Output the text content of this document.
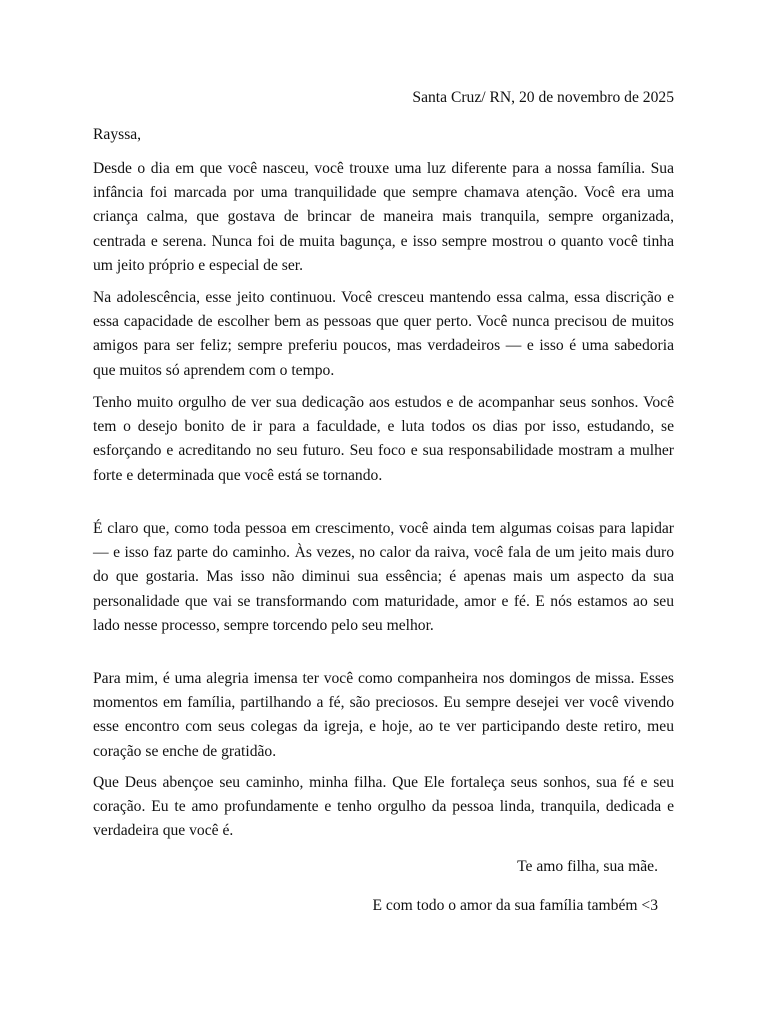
Santa Cruz/ RN, 20 de novembro de 2025
Rayssa,

Desde o dia em que você nasceu, você trouxe uma luz diferente para a nossa família. Sua infância foi marcada por uma tranquilidade que sempre chamava atenção. Você era uma criança calma, que gostava de brincar de maneira mais tranquila, sempre organizada, centrada e serena. Nunca foi de muita bagunça, e isso sempre mostrou o quanto você tinha um jeito próprio e especial de ser.

Na adolescência, esse jeito continuou. Você cresceu mantendo essa calma, essa discrição e essa capacidade de escolher bem as pessoas que quer perto. Você nunca precisou de muitos amigos para ser feliz; sempre preferiu poucos, mas verdadeiros — e isso é uma sabedoria que muitos só aprendem com o tempo.

Tenho muito orgulho de ver sua dedicação aos estudos e de acompanhar seus sonhos. Você tem o desejo bonito de ir para a faculdade, e luta todos os dias por isso, estudando, se esforçando e acreditando no seu futuro. Seu foco e sua responsabilidade mostram a mulher forte e determinada que você está se tornando.

É claro que, como toda pessoa em crescimento, você ainda tem algumas coisas para lapidar — e isso faz parte do caminho. Às vezes, no calor da raiva, você fala de um jeito mais duro do que gostaria. Mas isso não diminui sua essência; é apenas mais um aspecto da sua personalidade que vai se transformando com maturidade, amor e fé. E nós estamos ao seu lado nesse processo, sempre torcendo pelo seu melhor.

Para mim, é uma alegria imensa ter você como companheira nos domingos de missa. Esses momentos em família, partilhando a fé, são preciosos. Eu sempre desejei ver você vivendo esse encontro com seus colegas da igreja, e hoje, ao te ver participando deste retiro, meu coração se enche de gratidão.

Que Deus abençoe seu caminho, minha filha. Que Ele fortaleça seus sonhos, sua fé e seu coração. Eu te amo profundamente e tenho orgulho da pessoa linda, tranquila, dedicada e verdadeira que você é.

Te amo filha, sua mãe.
E com todo o amor da sua família também <3
